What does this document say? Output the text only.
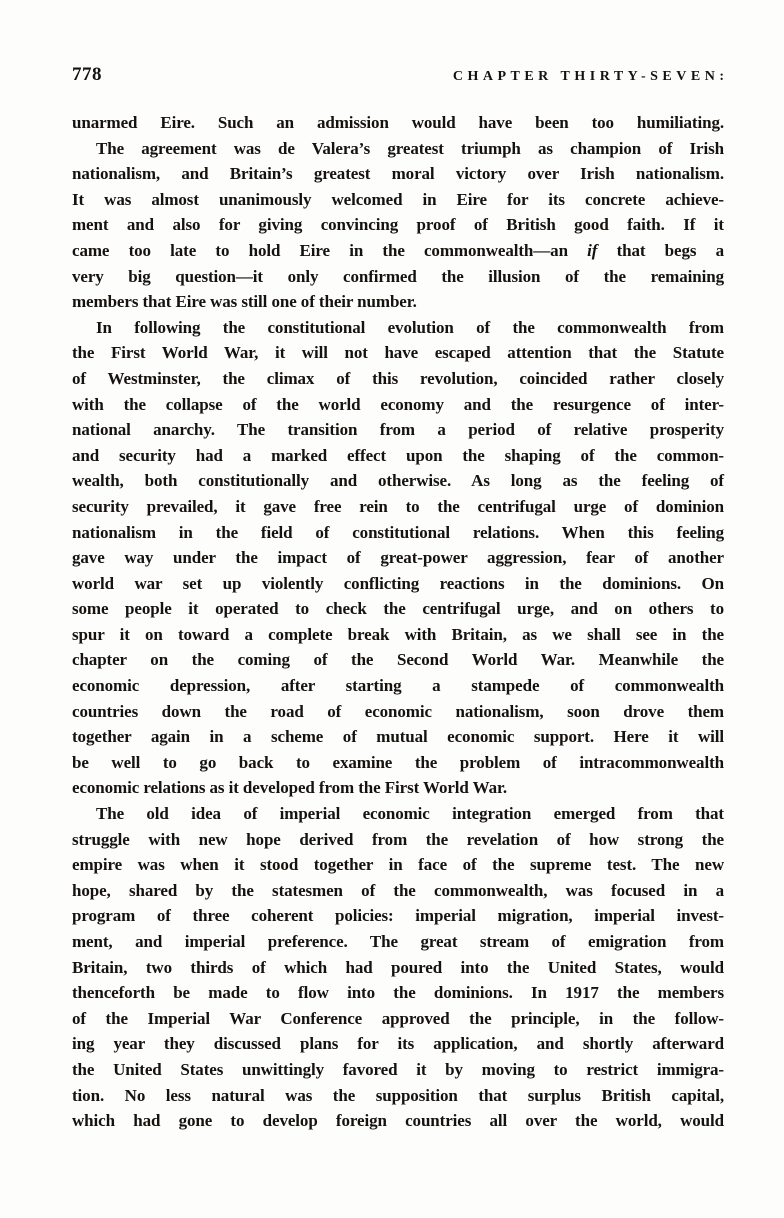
778	CHAPTER THIRTY-SEVEN:
unarmed Eire. Such an admission would have been too humiliating.
The agreement was de Valera’s greatest triumph as champion of Irish
nationalism, and Britain’s greatest moral victory over Irish nationalism.
It was almost unanimously welcomed in Eire for its concrete achieve-
ment and also for giving convincing proof of British good faith. If it
came too late to hold Eire in the commonwealth—an if that begs a
very big question—it only confirmed the illusion of the remaining
members that Eire was still one of their number.
In following the constitutional evolution of the commonwealth from
the First World War, it will not have escaped attention that the Statute
of Westminster, the climax of this revolution, coincided rather closely
with the collapse of the world economy and the resurgence of inter-
national anarchy. The transition from a period of relative prosperity
and security had a marked effect upon the shaping of the common-
wealth, both constitutionally and otherwise. As long as the feeling of
security prevailed, it gave free rein to the centrifugal urge of dominion
nationalism in the field of constitutional relations. When this feeling
gave way under the impact of great-power aggression, fear of another
world war set up violently conflicting reactions in the dominions. On
some people it operated to check the centrifugal urge, and on others to
spur it on toward a complete break with Britain, as we shall see in the
chapter on the coming of the Second World War. Meanwhile the
economic depression, after starting a stampede of commonwealth
countries down the road of economic nationalism, soon drove them
together again in a scheme of mutual economic support. Here it will
be well to go back to examine the problem of intracommonwealth
economic relations as it developed from the First World War.
The old idea of imperial economic integration emerged from that
struggle with new hope derived from the revelation of how strong the
empire was when it stood together in face of the supreme test. The new
hope, shared by the statesmen of the commonwealth, was focused in a
program of three coherent policies: imperial migration, imperial invest-
ment, and imperial preference. The great stream of emigration from
Britain, two thirds of which had poured into the United States, would
thenceforth be made to flow into the dominions. In 1917 the members
of the Imperial War Conference approved the principle, in the follow-
ing year they discussed plans for its application, and shortly afterward
the United States unwittingly favored it by moving to restrict immigra-
tion. No less natural was the supposition that surplus British capital,
which had gone to develop foreign countries all over the world, would
